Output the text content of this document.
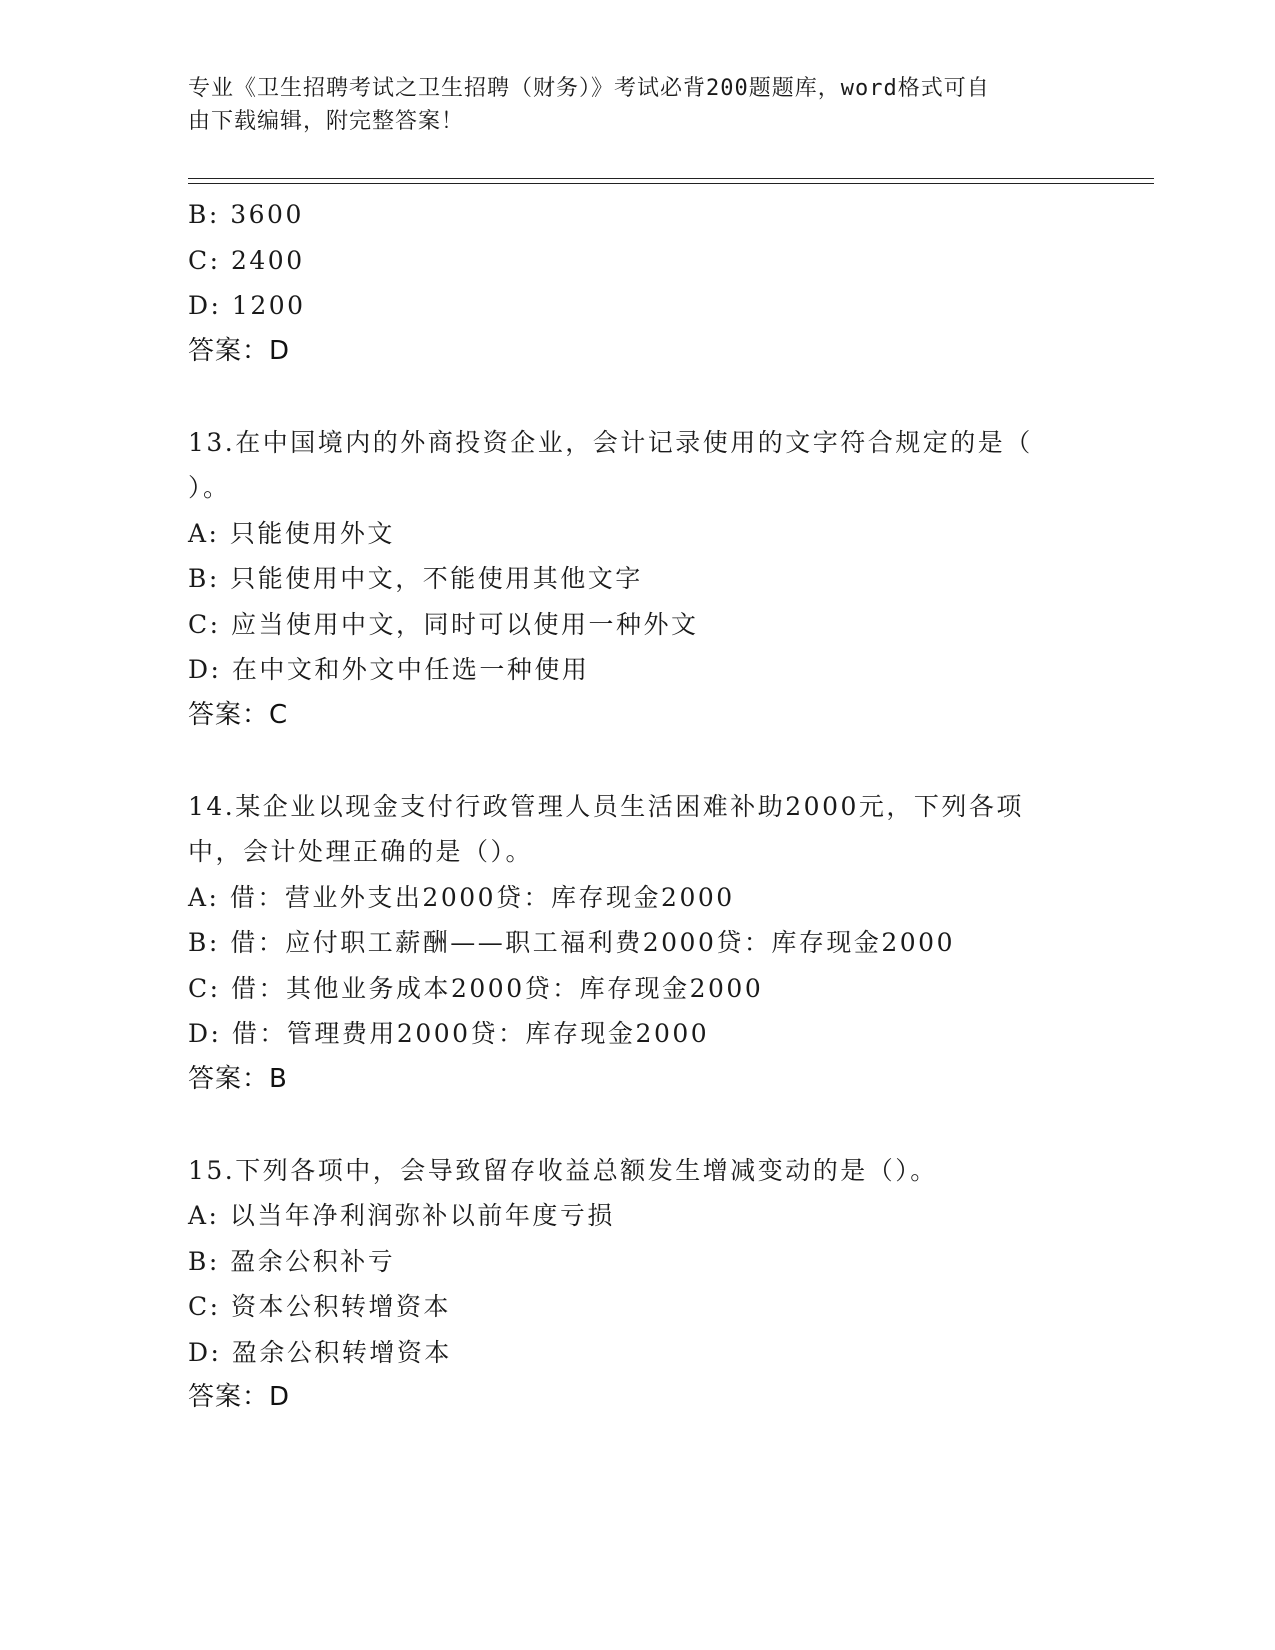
专业《卫生招聘考试之卫生招聘（财务）》考试必背200题题库，word格式可自
由下载编辑，附完整答案！
B: 3600
C: 2400
D: 1200
答案：D
13.在中国境内的外商投资企业，会计记录使用的文字符合规定的是（
）。
A: 只能使用外文
B: 只能使用中文，不能使用其他文字
C: 应当使用中文，同时可以使用一种外文
D: 在中文和外文中任选一种使用
答案：C
14.某企业以现金支付行政管理人员生活困难补助2000元，下列各项
中，会计处理正确的是（）。
A: 借：营业外支出2000贷：库存现金2000
B: 借：应付职工薪酬——职工福利费2000贷：库存现金2000
C: 借：其他业务成本2000贷：库存现金2000
D: 借：管理费用2000贷：库存现金2000
答案：B
15.下列各项中，会导致留存收益总额发生增减变动的是（）。
A: 以当年净利润弥补以前年度亏损
B: 盈余公积补亏
C: 资本公积转增资本
D: 盈余公积转增资本
答案：D
